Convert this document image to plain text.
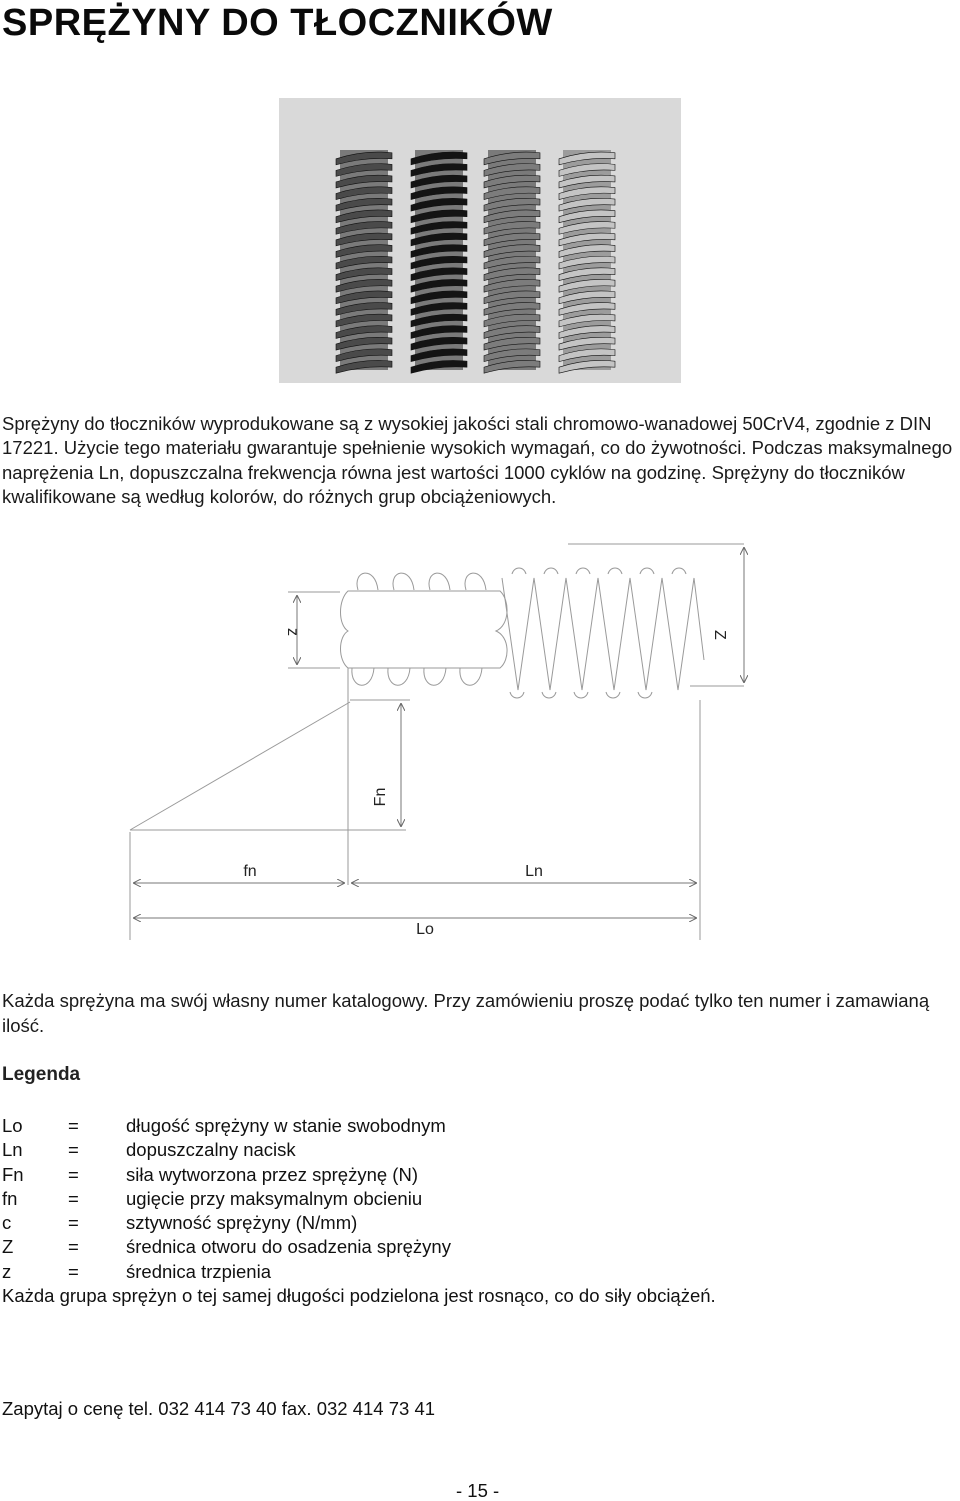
SPRĘŻYNY DO TŁOCZNIKÓW

Sprężyny do tłoczników wyprodukowane są z wysokiej jakości stali chromowo-wanadowej 50CrV4, zgodnie z DIN 17221. Użycie tego materiału gwarantuje spełnienie wysokich wymagań, co do żywotności. Podczas maksymalnego naprężenia Ln, dopuszczalna frekwencja równa jest wartości 1000 cyklów na godzinę. Sprężyny do tłoczników kwalifikowane są według kolorów, do różnych grup obciążeniowych.

z	Z
Fn
fn	Ln
Lo

Każda sprężyna ma swój własny numer katalogowy. Przy zamówieniu proszę podać tylko ten numer i zamawianą ilość.

Legenda
Lo =	długość sprężyny w stanie swobodnym
Ln =	dopuszczalny nacisk
Fn =	siła wytworzona przez sprężynę (N)
fn	=	ugięcie przy maksymalnym obcieniu
c	=	sztywność sprężyny (N/mm)
Z	=	średnica otworu do osadzenia sprężyny
z	=	średnica trzpienia

Każda grupa sprężyn o tej samej długości podzielona jest rosnąco, co do siły obciążeń.

Zapytaj o cenę tel. 032 414 73 40 fax. 032 414 73 41

- 15 -
